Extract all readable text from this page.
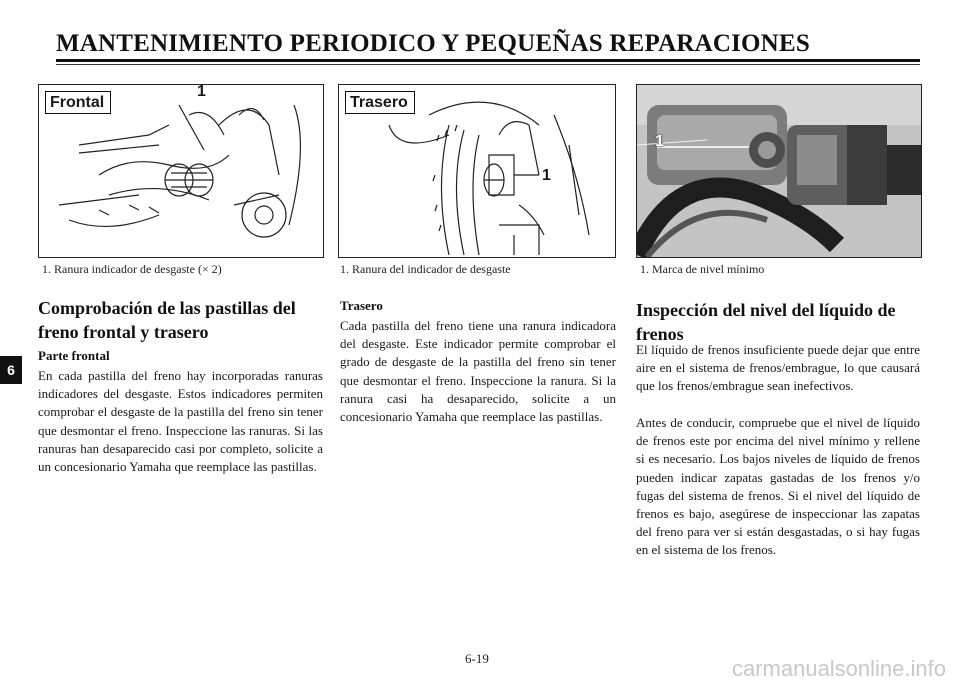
MANTENIMIENTO PERIODICO Y PEQUEÑAS REPARACIONES
6
Frontal
1
1. Ranura indicador de desgaste (× 2)
Trasero
1
1. Ranura del indicador de desgaste
1
1. Marca de nivel mínimo
Comprobación de las pastillas del freno frontal y trasero
Parte frontal
En cada pastilla del freno hay incorporadas ranuras indicadores del desgaste. Estos indicadores permiten comprobar el desgaste de la pastilla del freno sin tener que desmontar el freno. Inspeccione las ranuras. Si las ranuras han desaparecido casi por completo, solicite a un concesionario Yamaha que reemplace las pastillas.
Trasero
Cada pastilla del freno tiene una ranura indicadora del desgaste. Este indicador permite comprobar el grado de desgaste de la pastilla del freno sin tener que desmontar el freno. Inspeccione la ranura. Si la ranura casi ha desaparecido, solicite a un concesionario Yamaha que reemplace las pastillas.
Inspección del nivel del líquido de frenos
El líquido de frenos insuficiente puede dejar que entre aire en el sistema de frenos/embrague, lo que causará que los frenos/embrague sean inefectivos.
Antes de conducir, compruebe que el nivel de líquido de frenos este por encima del nivel mínimo y rellene si es necesario. Los bajos niveles de líquido de frenos pueden indicar zapatas gastadas de los frenos y/o fugas del sistema de frenos. Si el nivel del líquido de frenos es bajo, asegúrese de inspeccionar las zapatas del freno para ver si están desgastadas, o si hay fugas en el sistema de los frenos.
6-19	carmanualsonline.info
